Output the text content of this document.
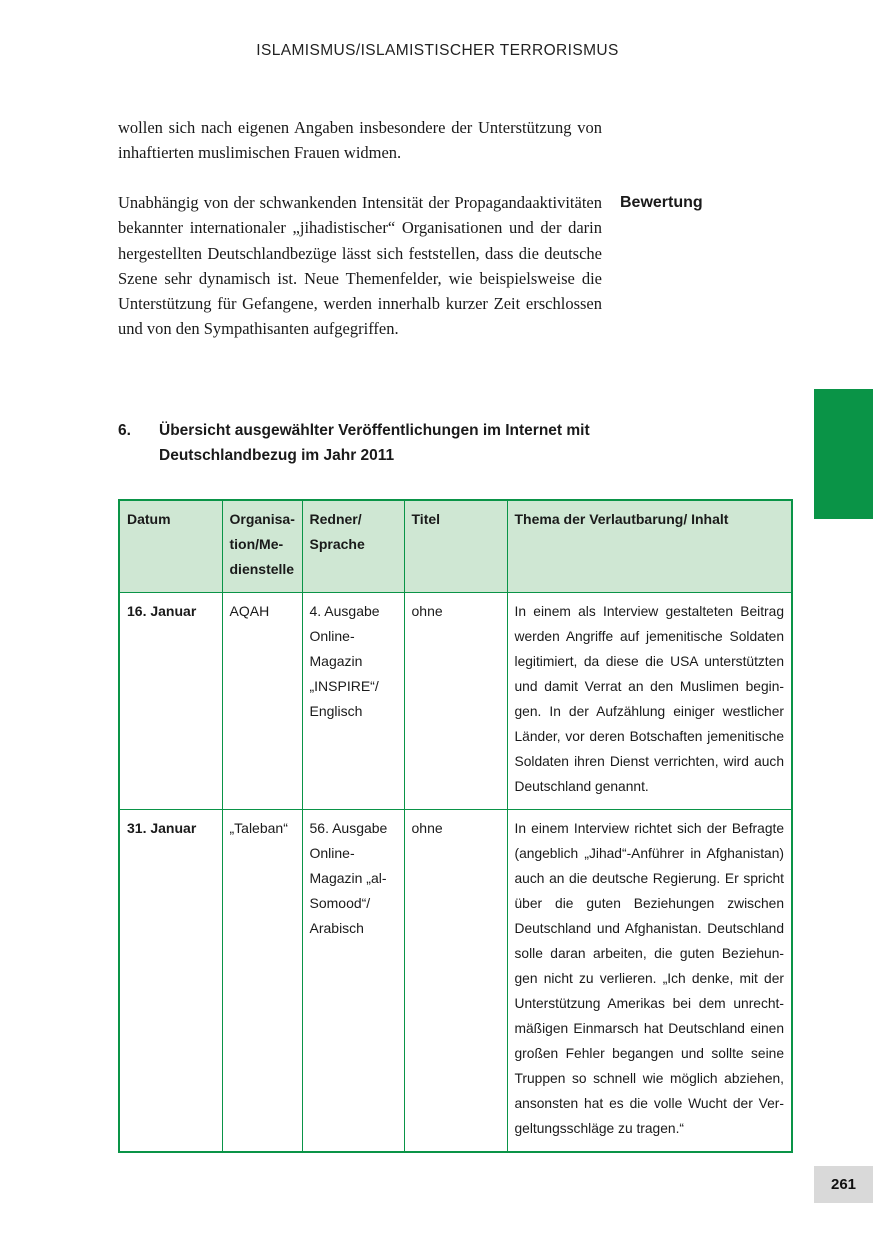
ISLAMISMUS/ISLAMISTISCHER TERRORISMUS

wollen sich nach eigenen Angaben insbesondere der Unterstützung von inhaftierten muslimischen Frauen widmen.

Unabhängig von der schwankenden Intensität der Propagandaaktivitäten bekannter internationaler „jihadistischer“ Organisationen und der darin hergestellten Deutschlandbezüge lässt sich feststellen, dass die deutsche Szene sehr dynamisch ist. Neue Themenfelder, wie beispielsweise die Unterstützung für Gefangene, werden innerhalb kurzer Zeit erschlossen und von den Sympathisanten aufgegriffen.

Bewertung
6. Übersicht ausgewählter Veröffentlichungen im Internet mit Deutschlandbezug im Jahr 2011
Datum	Organisation/Medienstelle	Redner/ Sprache	Titel	Thema der Verlautbarung/ Inhalt
16. Januar	AQAH	4. Ausgabe Online-Magazin „INSPIRE“/ Englisch	ohne	In einem als Interview gestalteten Beitrag werden Angriffe auf jemenitische Soldaten legitimiert, da diese die USA unterstützten und damit Verrat an den Muslimen begingen. In der Aufzählung einiger westlicher Länder, vor deren Botschaften jemenitische Soldaten ihren Dienst verrichten, wird auch Deutschland genannt.
31. Januar	„Taleban“	56. Ausgabe Online-Magazin „al-Somood“/ Arabisch	ohne	In einem Interview richtet sich der Befragte (angeblich „Jihad“-Anführer in Afghanistan) auch an die deutsche Regierung. Er spricht über die guten Beziehungen zwischen Deutschland und Afghanistan. Deutschland solle daran arbeiten, die guten Beziehungen nicht zu verlieren. „Ich denke, mit der Unterstützung Amerikas bei dem unrechtmäßigen Einmarsch hat Deutschland einen großen Fehler begangen und sollte seine Truppen so schnell wie möglich abziehen, ansonsten hat es die volle Wucht der Vergeltungsschläge zu tragen.“
261
